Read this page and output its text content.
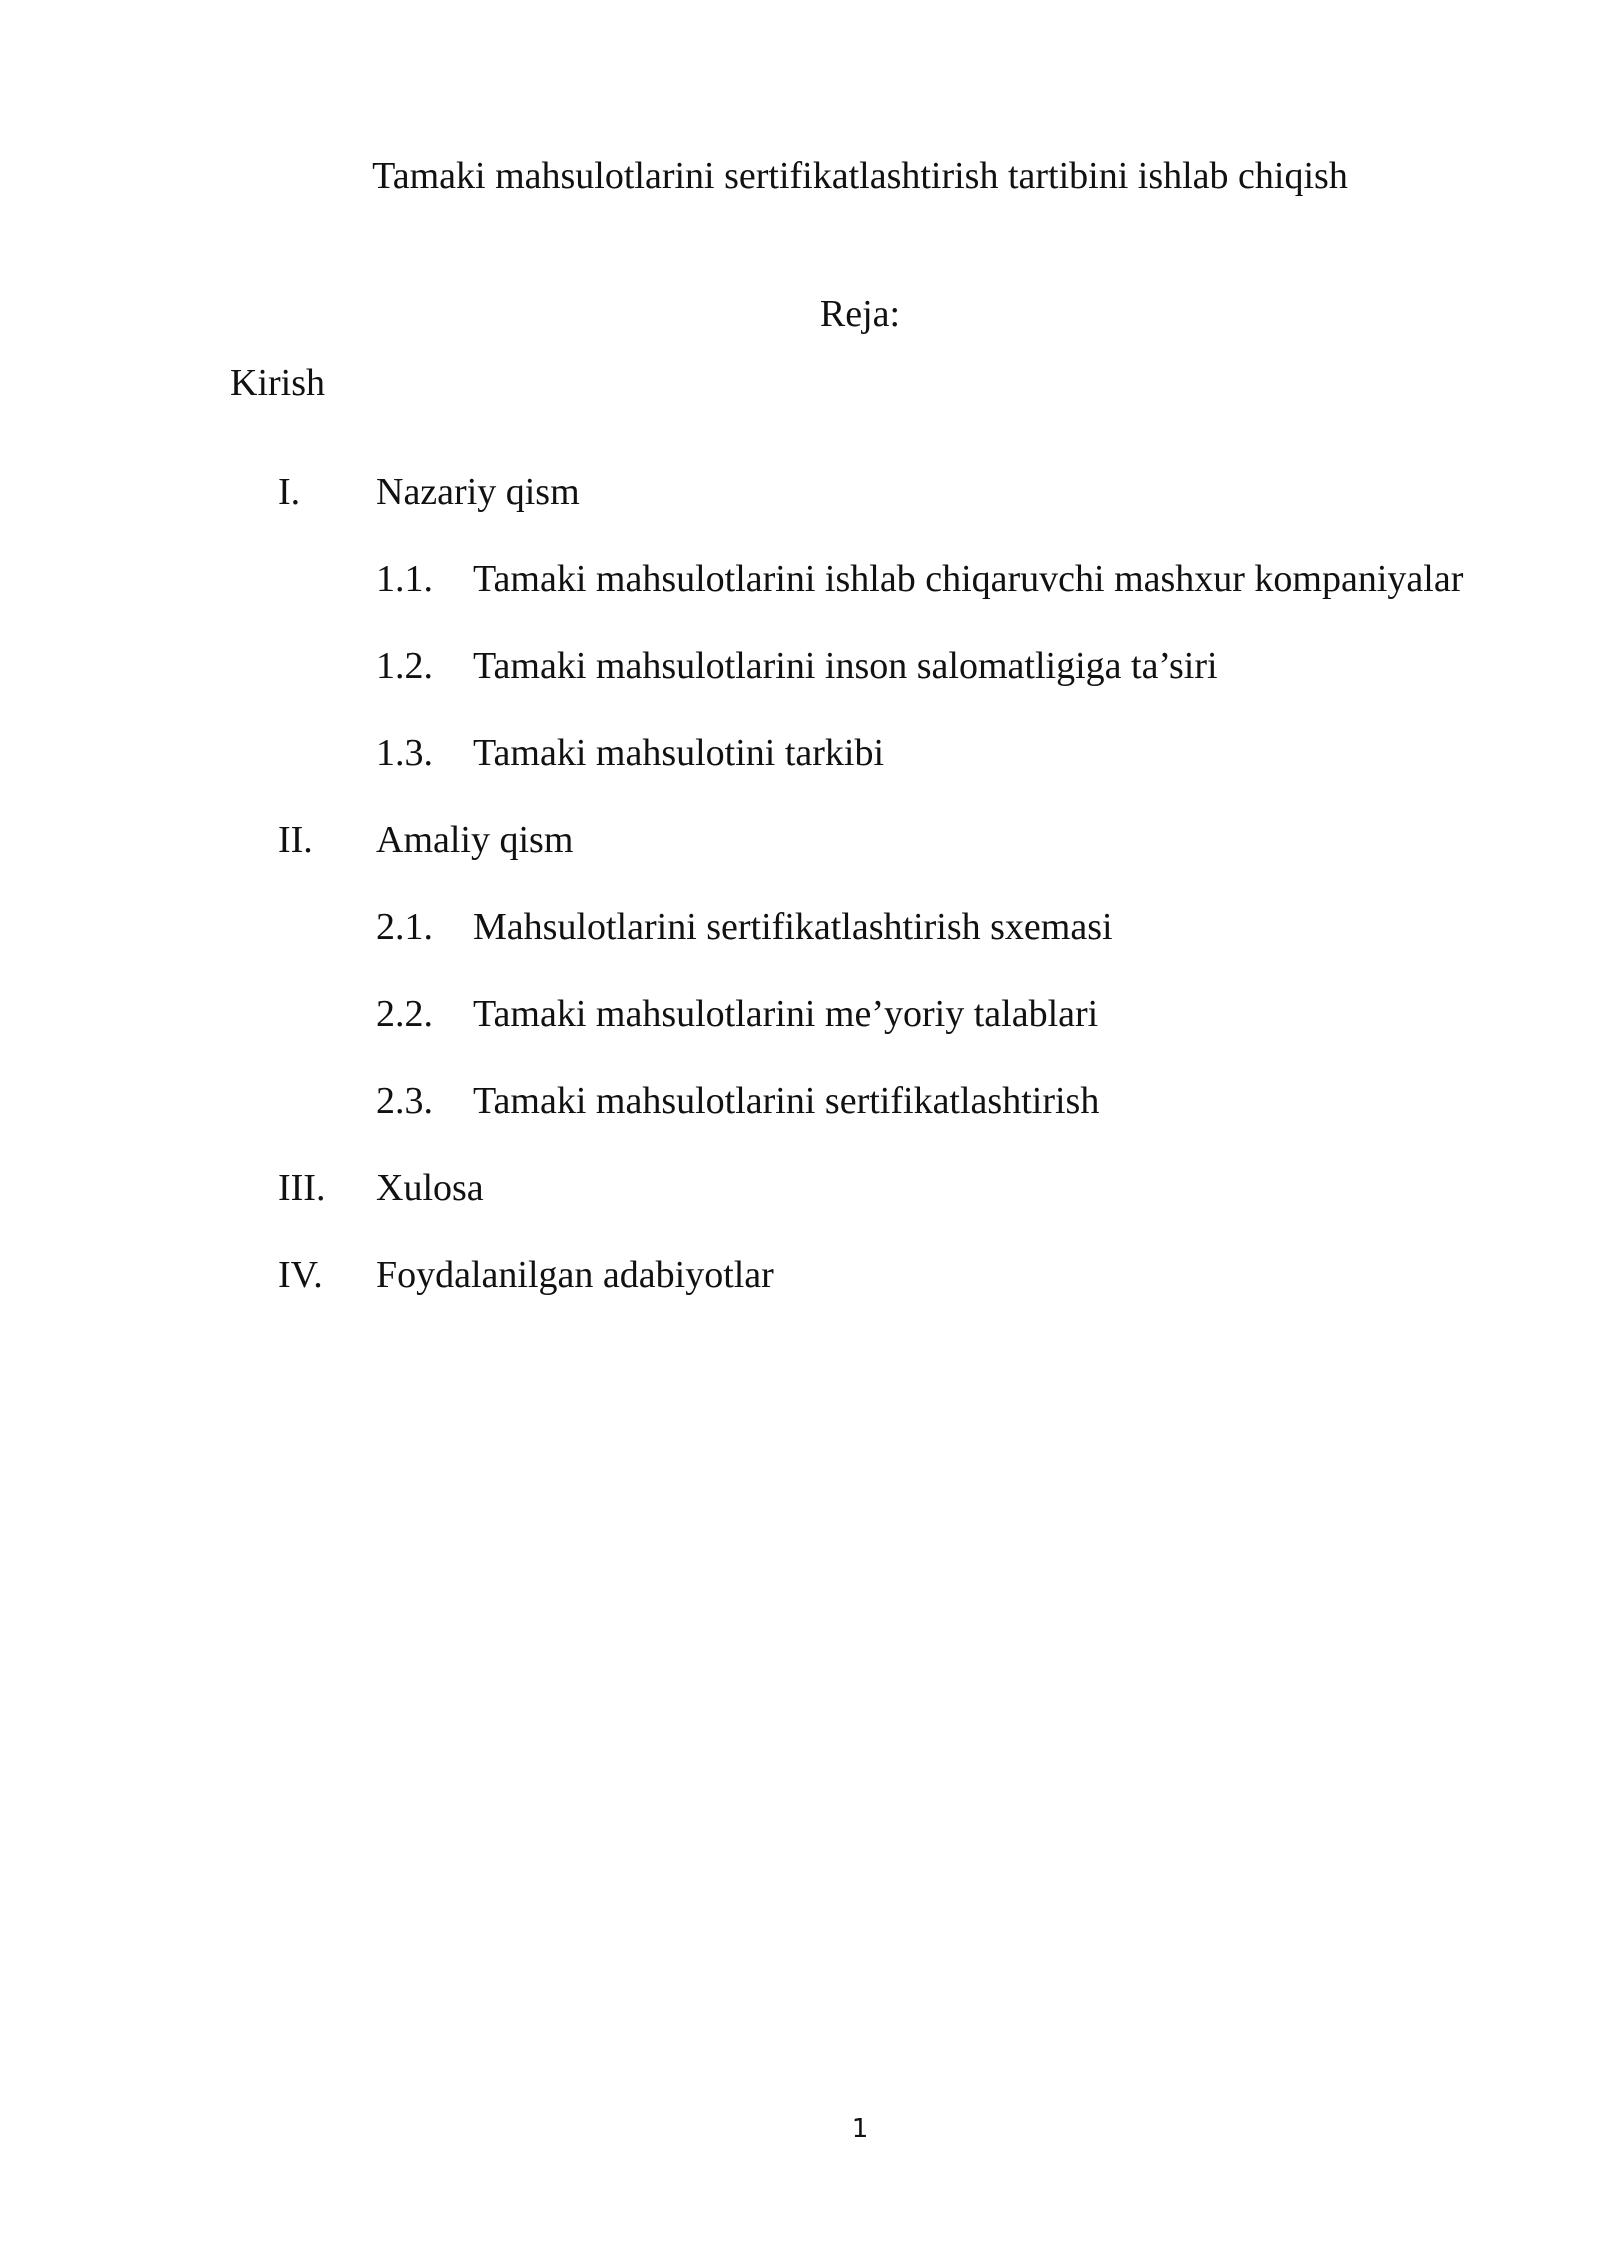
Tamaki mahsulotlarini sertifikatlashtirish tartibini ishlab chiqish
Reja:
Kirish
I. Nazariy qism
1.1. Tamaki mahsulotlarini ishlab chiqaruvchi mashxur kompaniyalar
1.2. Tamaki mahsulotlarini inson salomatligiga ta’siri
1.3. Tamaki mahsulotini tarkibi
II. Amaliy qism
2.1. Mahsulotlarini sertifikatlashtirish sxemasi
2.2. Tamaki mahsulotlarini me’yoriy talablari
2.3. Tamaki mahsulotlarini sertifikatlashtirish
III. Xulosa
IV. Foydalanilgan adabiyotlar
1
